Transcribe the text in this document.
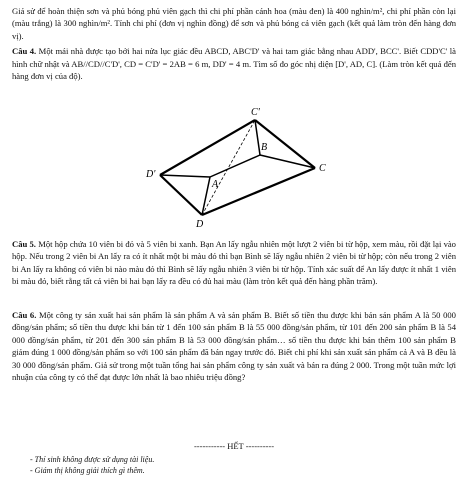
Giả sử để hoàn thiện sơn và phủ bóng phủ viên gạch thì chi phí phần cánh hoa (màu đen) là 400 nghìn/m², chi phí phần còn lại (màu trắng) là 300 nghìn/m². Tính chi phí (đơn vị nghìn đồng) để sơn và phủ bóng cả viên gạch (kết quả làm tròn đến hàng đơn vị).

Câu 4. Một mái nhà được tạo bởi hai nửa lục giác đều ABCD, ABC'D' và hai tam giác bằng nhau ADD', BCC'. Biết CDD'C' là hình chữ nhật và AB//CD//C'D', CD = C'D' = 2AB = 6 m, DD' = 4 m. Tìm số đo góc nhị diện [D', AD, C]. (Làm tròn kết quả đến hàng đơn vị của độ).

C'
B
C
D'
A
D

Câu 5. Một hộp chứa 10 viên bi đỏ và 5 viên bi xanh. Bạn An lấy ngẫu nhiên một lượt 2 viên bi từ hộp, xem màu, rồi đặt lại vào hộp. Nếu trong 2 viên bi An lấy ra có ít nhất một bi màu đỏ thì bạn Bình sẽ lấy ngẫu nhiên 2 viên bi từ hộp; còn nếu trong 2 viên bi An lấy ra không có viên bi nào màu đỏ thì Bình sẽ lấy ngẫu nhiên 3 viên bi từ hộp. Tính xác suất để An lấy được ít nhất 1 viên bi màu đỏ, biết rằng tất cả viên bi hai bạn lấy ra đều có đủ hai màu (làm tròn kết quả đến hàng phần trăm).

Câu 6. Một công ty sản xuất hai sản phẩm là sản phẩm A và sản phẩm B. Biết số tiền thu được khi bán sản phẩm A là 50 000 đồng/sản phẩm; số tiền thu được khi bán từ 1 đến 100 sản phẩm B là 55 000 đồng/sản phẩm, từ 101 đến 200 sản phẩm B là 54 000 đồng/sản phẩm, từ 201 đến 300 sản phẩm B là 53 000 đồng/sản phẩm… số tiền thu được khi bán thêm 100 sản phẩm B giảm đúng 1 000 đồng/sản phẩm so với 100 sản phẩm đã bán ngay trước đó. Biết chi phí khi sản xuất sản phẩm cả A và B đều là 30 000 đồng/sản phẩm. Giả sử trong một tuần tổng hai sản phẩm công ty sản xuất và bán ra đúng 2 000. Trong một tuần mức lợi nhuận của công ty có thể đạt được lớn nhất là bao nhiêu triệu đồng?

----------- HẾT ----------
- Thí sinh không được sử dụng tài liệu.
- Giám thị không giải thích gì thêm.
